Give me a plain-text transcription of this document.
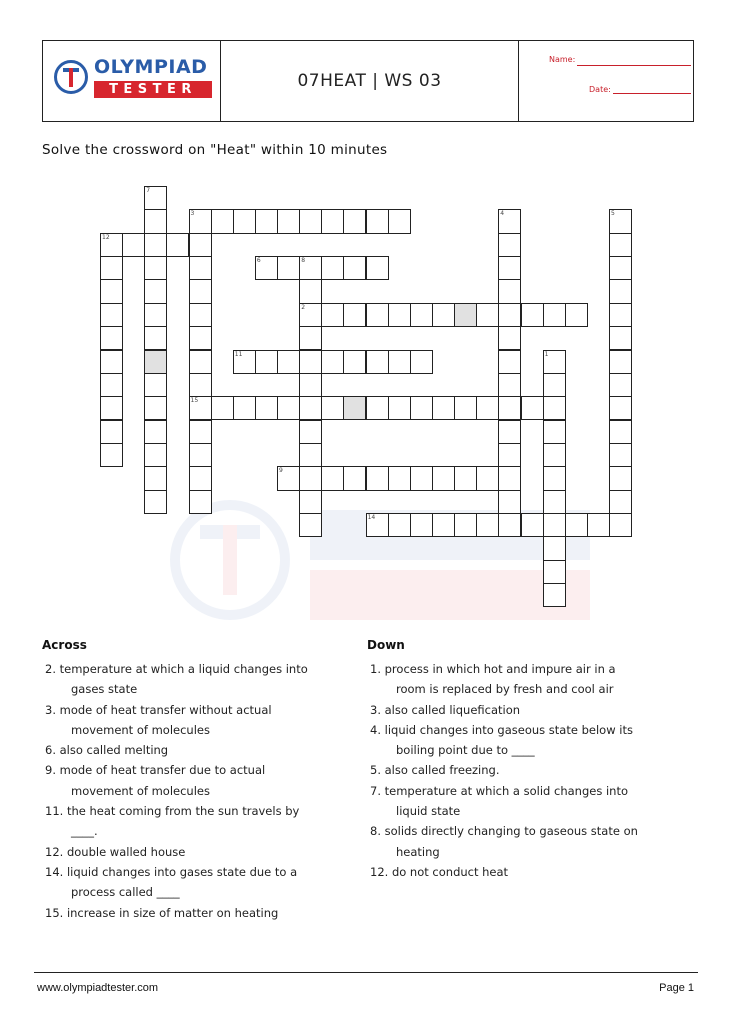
OLYMPIAD
TESTER	07HEAT | WS 03
Name:
Date:
Solve the crossword on "Heat" within 10 minutes
3
12
6	8
2
11
15
9
14
7
4	5
1
Across
2. temperature at which a liquid changes into
gases state
3. mode of heat transfer without actual
movement of molecules
6. also called melting
9. mode of heat transfer due to actual
movement of molecules
11. the heat coming from the sun travels by
____.
12. double walled house
14. liquid changes into gases state due to a
process called ____
15. increase in size of matter on heating
Down
1. process in which hot and impure air in a
room is replaced by fresh and cool air
3. also called liquefication
4. liquid changes into gaseous state below its
boiling point due to ____
5. also called freezing.
7. temperature at which a solid changes into
liquid state
8. solids directly changing to gaseous state on
heating
12. do not conduct heat
www.olympiadtester.com	Page 1
